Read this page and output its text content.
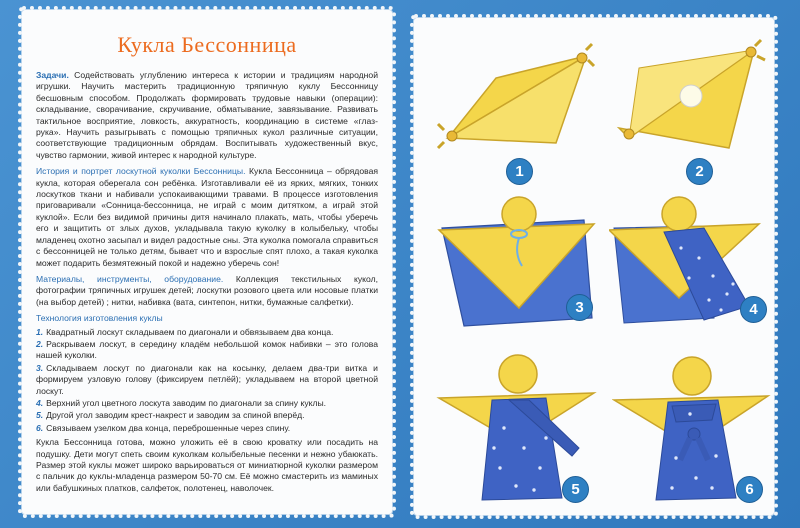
Кукла Бессонница

Задачи. Содействовать углублению интереса к истории и традициям народной игрушки. Научить мастерить традиционную тряпичную куклу Бессонницу бесшовным способом. Продолжать формировать трудовые навыки (операции): складывание, сворачивание, скручивание, обматывание, завязывание. Развивать тактильное восприятие, ловкость, аккуратность, координацию в системе «глаз-рука». Научить разыгрывать с помощью тряпичных кукол различные ситуации, соответствующие традиционным обрядам. Воспитывать художественный вкус, чувство гармонии, живой интерес к народной культуре.

История и портрет лоскутной куколки Бессонницы. Кукла Бессонница – обрядовая кукла, которая оберегала сон ребёнка. Изготавливали её из ярких, мягких, тонких лоскутков ткани и набивали успокаивающими травами. В процессе изготовления приговаривали «Сонница-бессонница, не играй с моим дитятком, а играй этой куклой». Если без видимой причины дитя начинало плакать, мать, чтобы уберечь его и защитить от злых духов, укладывала такую куколку в колыбельку, чтобы младенец охотно засыпал и видел радостные сны. Эта куколка помогала справиться с бессонницей не только детям, бывает что и взрослые спят плохо, а такая куколка может подарить безмятежный покой и надежно уберечь сон!

Материалы, инструменты, оборудование. Коллекция текстильных кукол, фотографии тряпичных игрушек детей; лоскутки розового цвета или носовые платки (на выбор детей) ; нитки, набивка (вата, синтепон, нитки, бумажные салфетки).

Технология изготовления куклы
1. Квадратный лоскут складываем по диагонали и обвязываем два конца.
2. Раскрываем лоскут, в середину кладём небольшой комок набивки – это голова нашей куколки.
3. Складываем лоскут по диагонали как на косынку, делаем два-три витка и формируем узловую голову (фиксируем петлёй); укладываем на второй цветной лоскут.
4. Верхний угол цветного лоскута заводим по диагонали за спину куклы.
5. Другой угол заводим крест-накрест и заводим за спиной вперёд.
6. Связываем узелком два конца, переброшенные через спину.

Кукла Бессонница готова, можно уложить её в свою кроватку или посадить на подушку. Дети могут спеть своим куколкам колыбельные песенки и нежно убаюкать. Размер этой куклы может широко варьироваться от миниатюрной куколки размером с пальчик до куклы-младенца размером 50-70 см. Её можно смастерить из маминых или бабушкиных платков, салфеток, полотенец, наволочек.

1	2
3	4
5	6
